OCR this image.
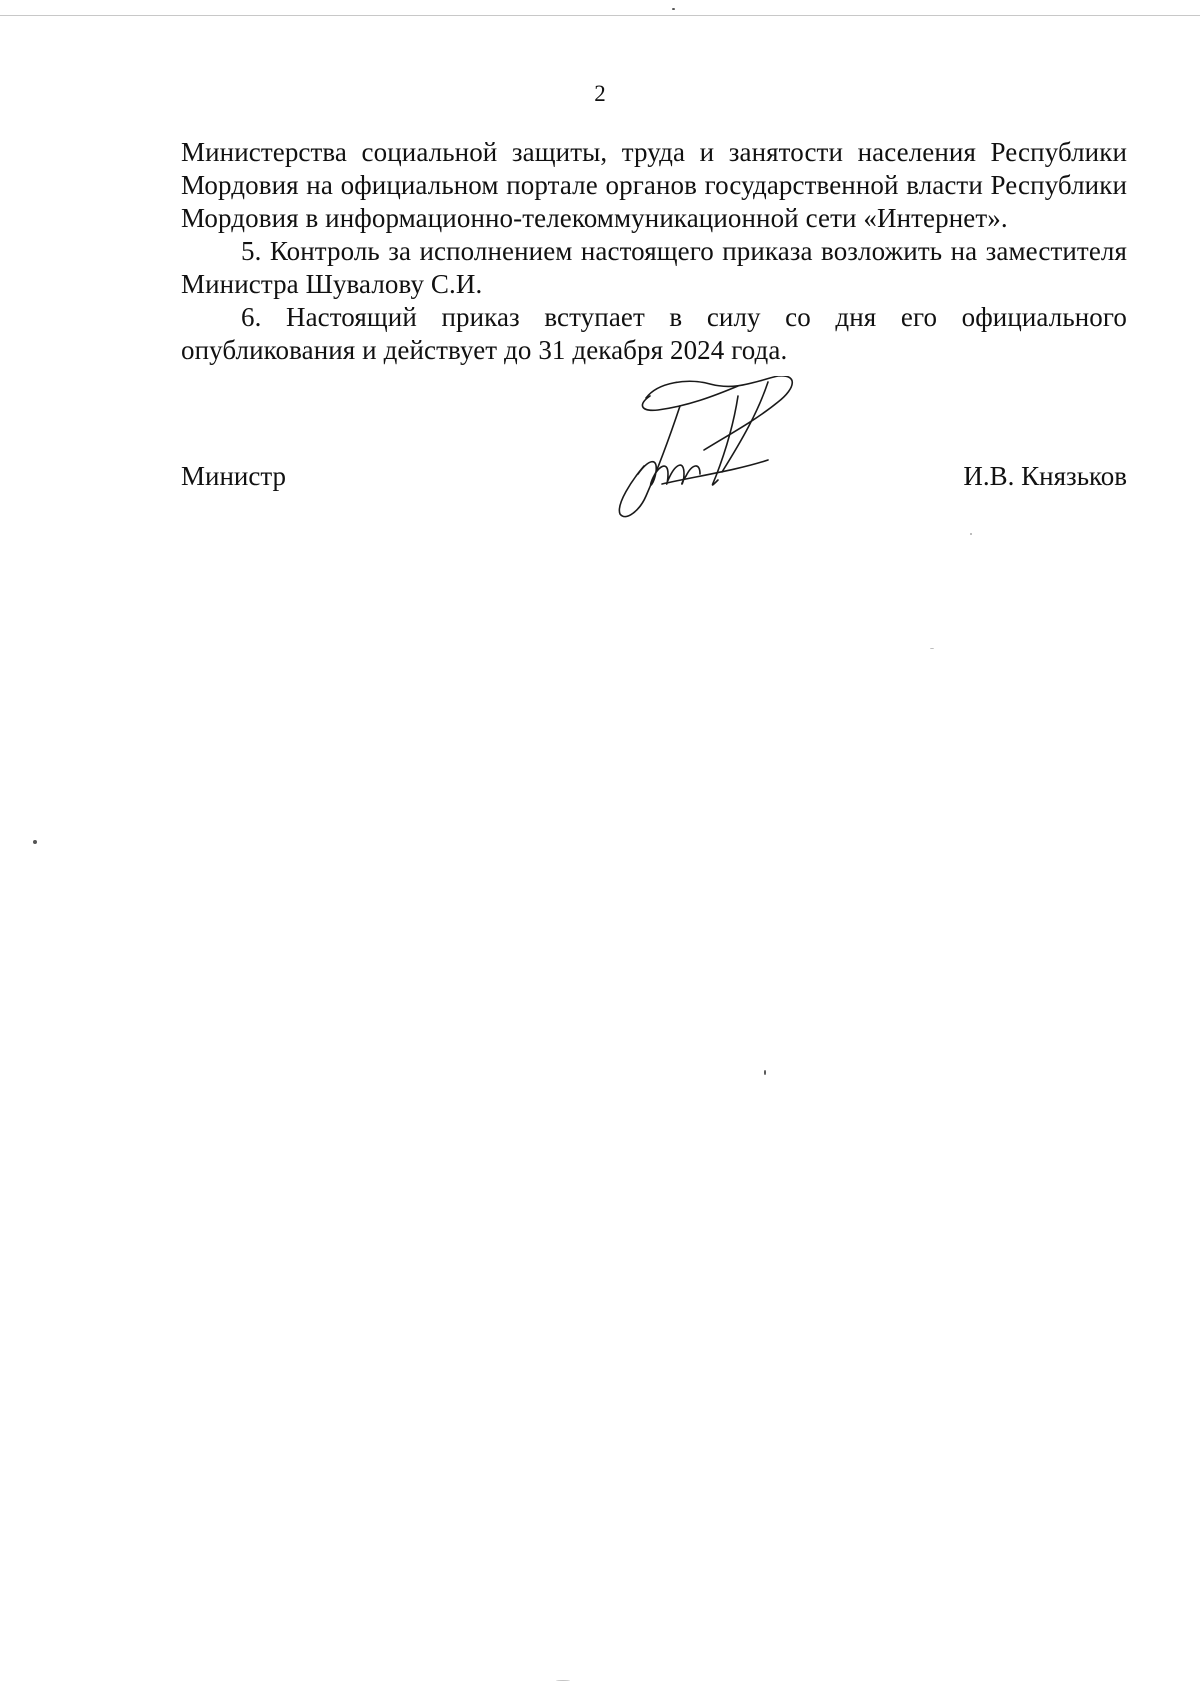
2

Министерства социальной защиты, труда и занятости населения Республики Мордовия на официальном портале органов государственной власти Республики Мордовия в информационно-телекоммуникационной сети «Интернет».

5. Контроль за исполнением настоящего приказа возложить на заместителя Министра Шувалову С.И.

6. Настоящий приказ вступает в силу со дня его официального опубликования и действует до 31 декабря 2024 года.

Министр	И.В. Князьков
